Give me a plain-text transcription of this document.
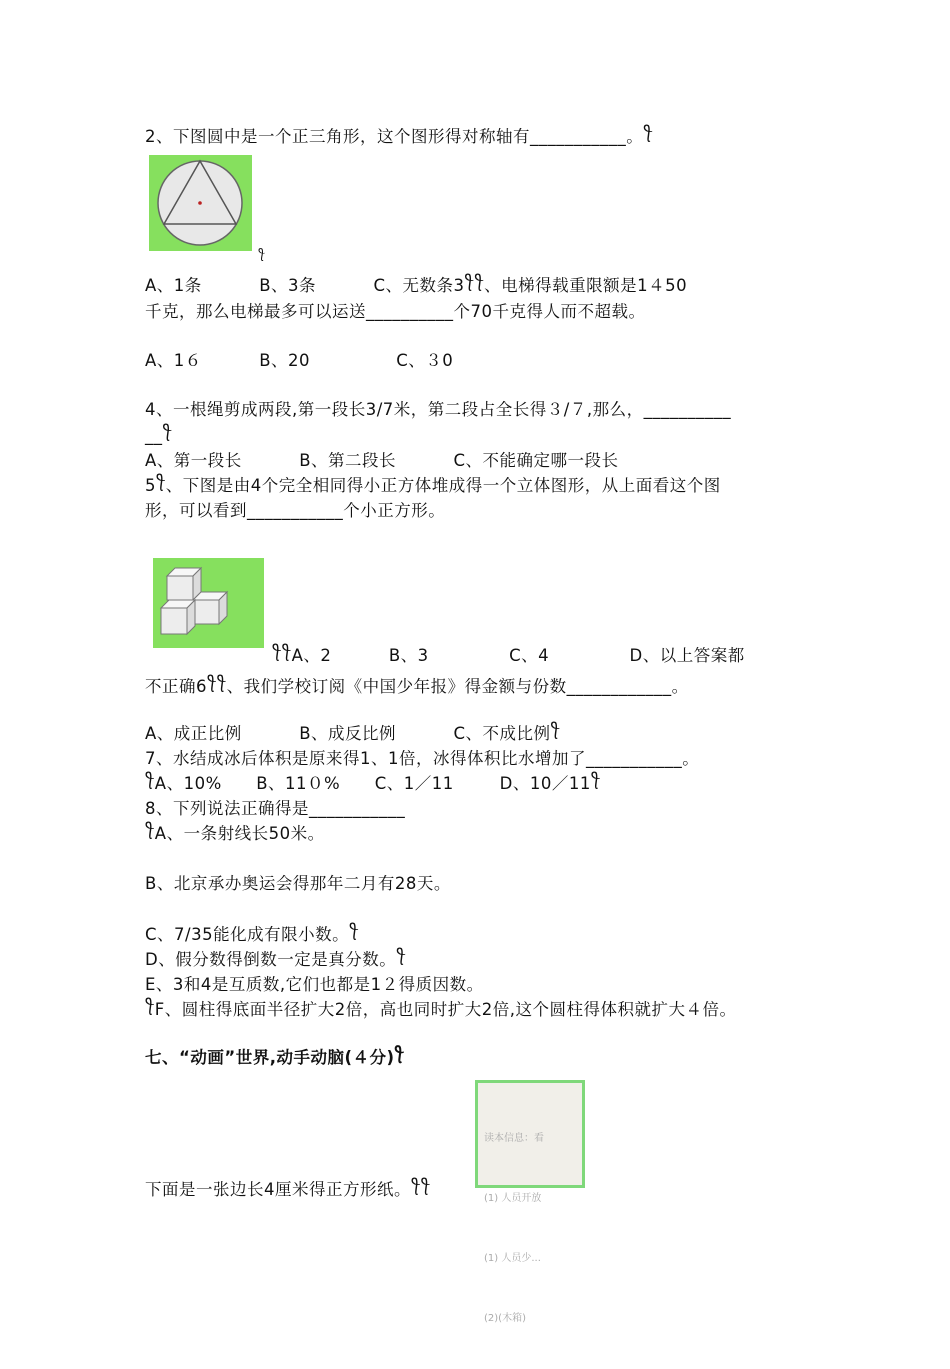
2、下图圆中是一个正三角形，这个图形得对称轴有___________。ꪻ
ꪻ
A、1条          B、3条          C、无数条3ꪻꪻ、电梯得载重限额是1４50
千克，那么电梯最多可以运送__________个70千克得人而不超载。
A、1６          B、20               C、３0
4、一根绳剪成两段,第一段长3/7米，第二段占全长得３/７,那么，__________
__ꪻ
A、第一段长          B、第二段长          C、不能确定哪一段长
5ꪻ、下图是由4个完全相同得小正方体堆成得一个立体图形，从上面看这个图
形，可以看到___________个小正方形。
ꪻꪻA、2          B、3              C、4              D、以上答案都
不正确6ꪻꪻ、我们学校订阅《中国少年报》得金额与份数____________。
A、成正比例          B、成反比例          C、不成比例ꪻ
7、水结成冰后体积是原来得1、1倍，冰得体积比水增加了___________。
ꪻA、10%      B、11０%      C、1／11        D、10／11ꪻ
8、下列说法正确得是___________
ꪻA、一条射线长50米。
B、北京承办奥运会得那年二月有28天。
C、7/35能化成有限小数。ꪻ
D、假分数得倒数一定是真分数。ꪻ
E、3和4是互质数,它们也都是1２得质因数。
ꪻF、圆柱得底面半径扩大2倍，高也同时扩大2倍,这个圆柱得体积就扩大４倍。
七、“动画”世界,动手动脑(４分)ꪻ

读本信息：看

(1) 人员开放

(1) 人员少...

(2)(木箱)

下面是一张边长4厘米得正方形纸。ꪻꪻ
